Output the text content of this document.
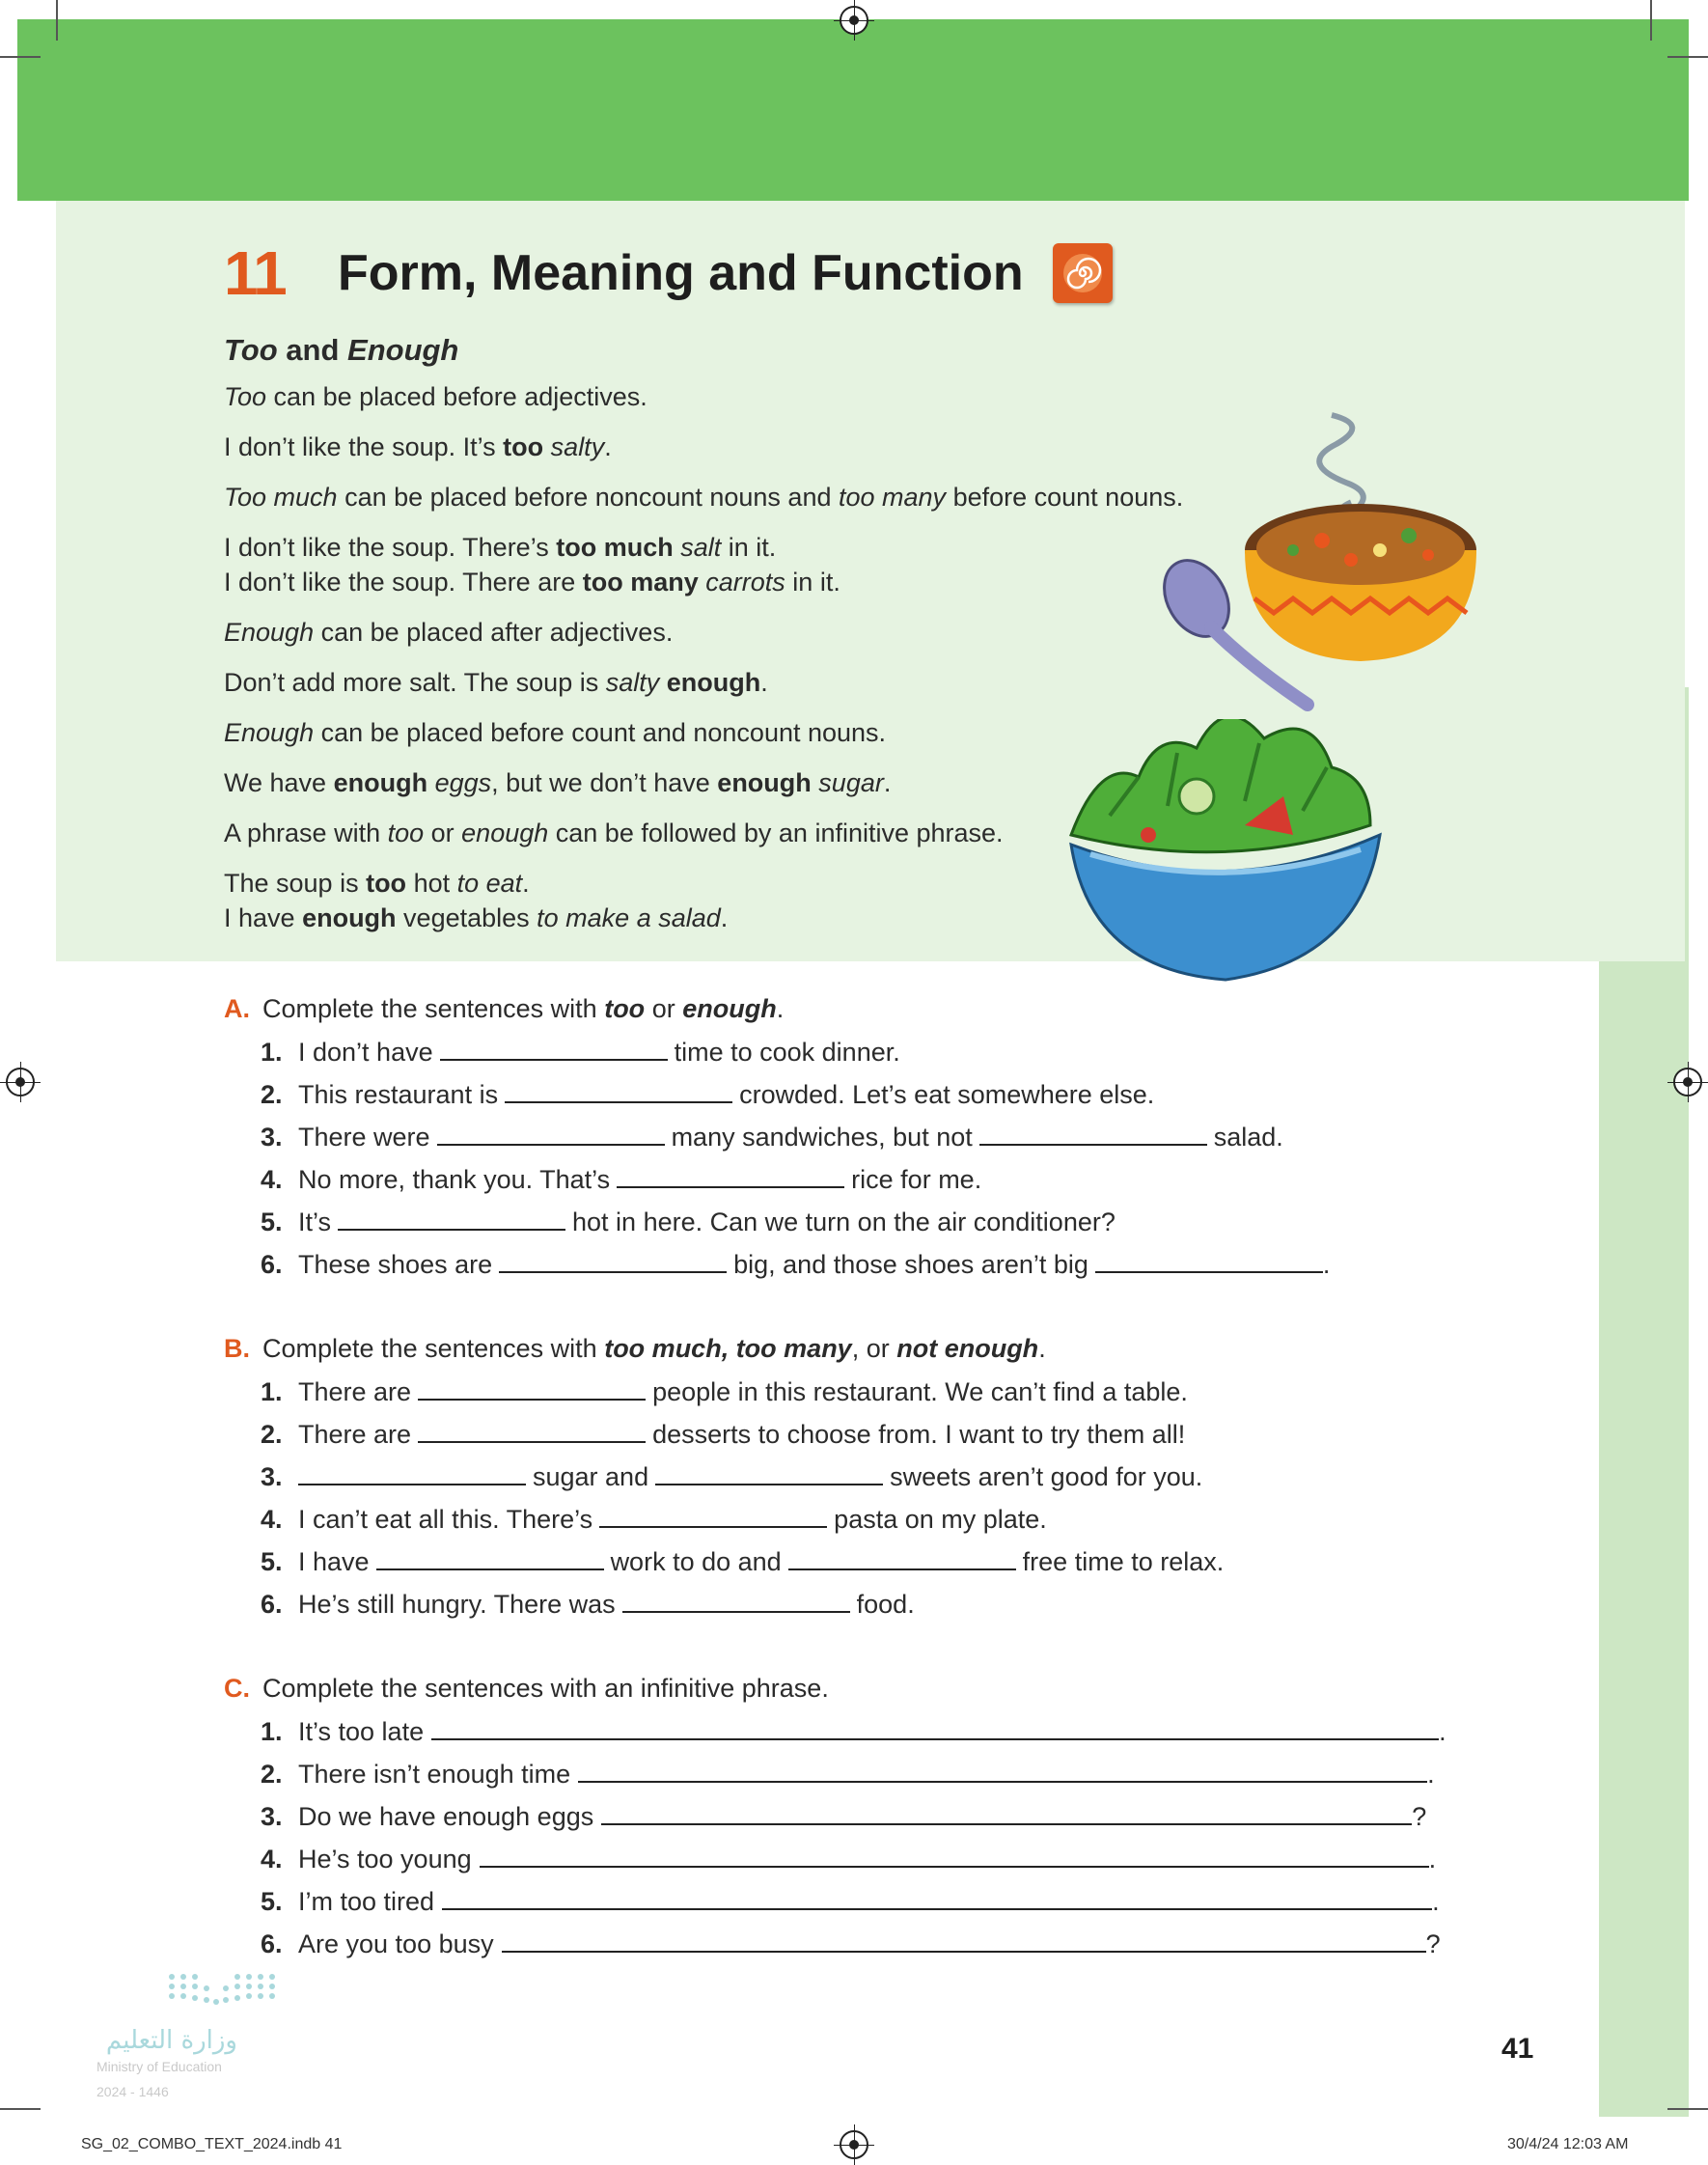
11	Form, Meaning and Function
Too and Enough

Too can be placed before adjectives.

I don’t like the soup. It’s too salty.

Too much can be placed before noncount nouns and too many before count nouns.

I don’t like the soup. There’s too much salt in it.

I don’t like the soup. There are too many carrots in it.

Enough can be placed after adjectives.

Don’t add more salt. The soup is salty enough.

Enough can be placed before count and noncount nouns.

We have enough eggs, but we don’t have enough sugar.

A phrase with too or enough can be followed by an infinitive phrase.

The soup is too hot to eat.

I have enough vegetables to make a salad.

A. Complete the sentences with too or enough.
1. I don’t have	time to cook dinner.
2. This restaurant is	crowded. Let’s eat somewhere else.
3. There were	many sandwiches, but not	salad.
4. No more, thank you. That’s	rice for me.
5. It’s	hot in here. Can we turn on the air conditioner?
6. These shoes are	big, and those shoes aren’t big	.
B. Complete the sentences with too much, too many, or not enough.
1. There are	people in this restaurant. We can’t find a table.
2. There are	desserts to choose from. I want to try them all!
3.	sugar and	sweets aren’t good for you.
4. I can’t eat all this. There’s	pasta on my plate.
5. I have	work to do and	free time to relax.
6. He’s still hungry. There was	food.
C. Complete the sentences with an infinitive phrase.
1. It’s too late	.
2. There isn’t enough time	.
3. Do we have enough eggs	?
4. He’s too young	.
5. I’m too tired	.
6. Are you too busy	?
وزارة التعليم
Ministry of Education
2024 - 1446
41
SG_02_COMBO_TEXT_2024.indb 41	30/4/24 12:03 AM
